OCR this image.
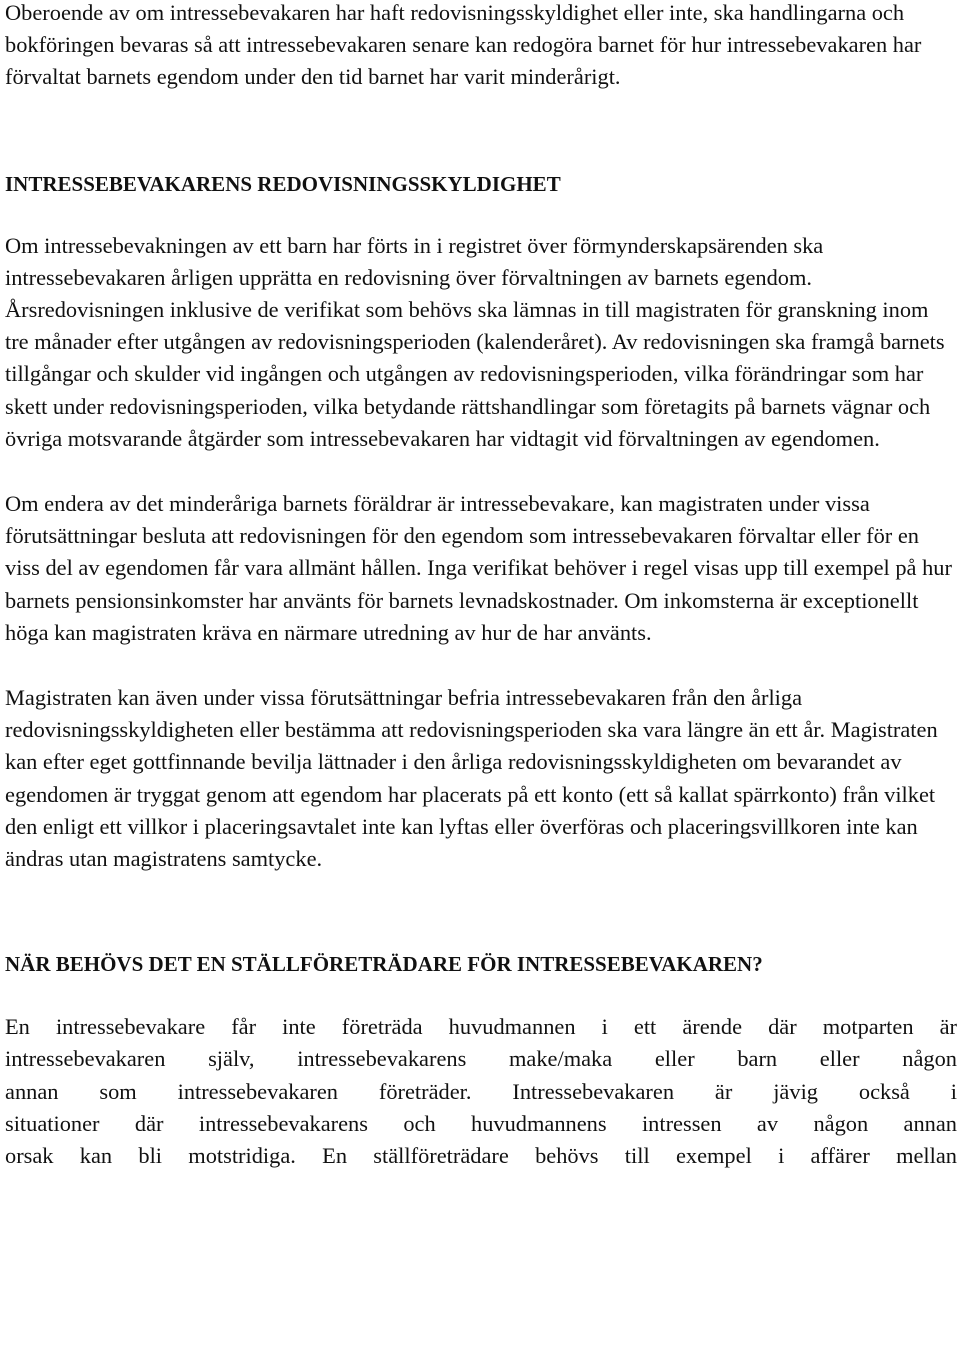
Oberoende av om intressebevakaren har haft redovisningsskyldighet eller inte, ska handlingarna och bokföringen bevaras så att intressebevakaren senare kan redogöra barnet för hur intressebevakaren har förvaltat barnets egendom under den tid barnet har varit minderårigt.

INTRESSEBEVAKARENS REDOVISNINGSSKYLDIGHET

Om intressebevakningen av ett barn har förts in i registret över förmynderskapsärenden ska intressebevakaren årligen upprätta en redovisning över förvaltningen av barnets egendom. Årsredovisningen inklusive de verifikat som behövs ska lämnas in till magistraten för granskning inom tre månader efter utgången av redovisningsperioden (kalenderåret). Av redovisningen ska framgå barnets tillgångar och skulder vid ingången och utgången av redovisningsperioden, vilka förändringar som har skett under redovisningsperioden, vilka betydande rättshandlingar som företagits på barnets vägnar och övriga motsvarande åtgärder som intressebevakaren har vidtagit vid förvaltningen av egendomen.

Om endera av det minderåriga barnets föräldrar är intressebevakare, kan magistraten under vissa förutsättningar besluta att redovisningen för den egendom som intressebevakaren förvaltar eller för en viss del av egendomen får vara allmänt hållen. Inga verifikat behöver i regel visas upp till exempel på hur barnets pensionsinkomster har använts för barnets levnadskostnader. Om inkomsterna är exceptionellt höga kan magistraten kräva en närmare utredning av hur de har använts.

Magistraten kan även under vissa förutsättningar befria intressebevakaren från den årliga redovisningsskyldigheten eller bestämma att redovisningsperioden ska vara längre än ett år. Magistraten kan efter eget gottfinnande bevilja lättnader i den årliga redovisningsskyldigheten om bevarandet av egendomen är tryggat genom att egendom har placerats på ett konto (ett så kallat spärrkonto) från vilket den enligt ett villkor i placeringsavtalet inte kan lyftas eller överföras och placeringsvillkoren inte kan ändras utan magistratens samtycke.

NÄR BEHÖVS DET EN STÄLLFÖRETRÄDARE FÖR INTRESSEBEVAKAREN?

En intressebevakare får inte företräda huvudmannen i ett ärende där motparten är
intressebevakaren själv, intressebevakarens make/maka eller barn eller någon
annan som intressebevakaren företräder. Intressebevakaren är jävig också i
situationer där intressebevakarens och huvudmannens intressen av någon annan
orsak kan bli motstridiga. En ställföreträdare behövs till exempel i affärer mellan
